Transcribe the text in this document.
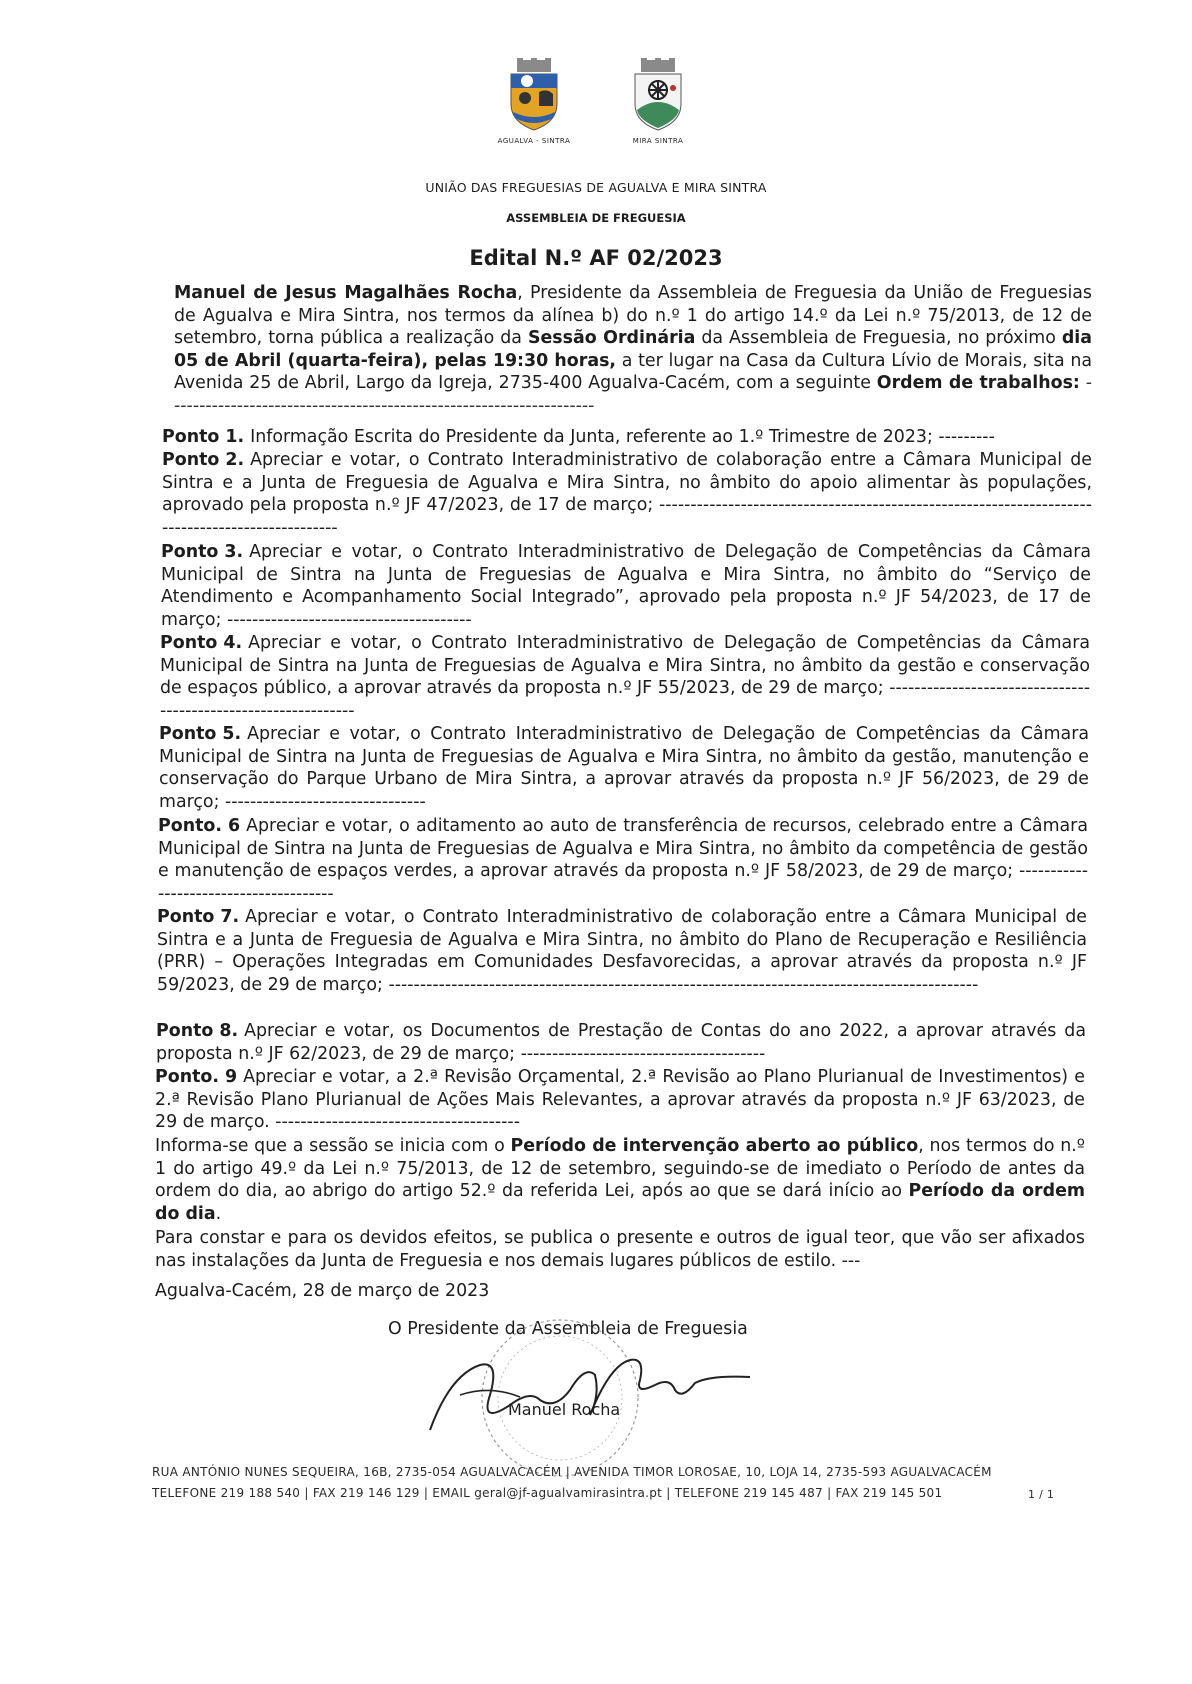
AGUALVA - SINTRA	MIRA SINTRA
UNIÃO DAS FREGUESIAS DE AGUALVA E MIRA SINTRA
ASSEMBLEIA DE FREGUESIA
Edital N.º AF 02/2023
Manuel de Jesus Magalhães Rocha, Presidente da Assembleia de Freguesia da União de Freguesias de Agualva e Mira Sintra, nos termos da alínea b) do n.º 1 do artigo 14.º da Lei n.º 75/2013, de 12 de setembro, torna pública a realização da Sessão Ordinária da Assembleia de Freguesia, no próximo dia 05 de Abril (quarta-feira), pelas 19:30 horas, a ter lugar na Casa da Cultura Lívio de Morais, sita na Avenida 25 de Abril, Largo da Igreja, 2735-400 Agualva-Cacém, com a seguinte Ordem de trabalhos: --------------------------------------------------------------------
Ponto 1. Informação Escrita do Presidente da Junta, referente ao 1.º Trimestre de 2023; ---------
Ponto 2. Apreciar e votar, o Contrato Interadministrativo de colaboração entre a Câmara Municipal de Sintra e a Junta de Freguesia de Agualva e Mira Sintra, no âmbito do apoio alimentar às populações, aprovado pela proposta n.º JF 47/2023, de 17 de março; -------------------------------------------------------------------------------------------------
Ponto 3. Apreciar e votar, o Contrato Interadministrativo de Delegação de Competências da Câmara Municipal de Sintra na Junta de Freguesias de Agualva e Mira Sintra, no âmbito do “Serviço de Atendimento e Acompanhamento Social Integrado”, aprovado pela proposta n.º JF 54/2023, de 17 de março; ---------------------------------------
Ponto 4. Apreciar e votar, o Contrato Interadministrativo de Delegação de Competências da Câmara Municipal de Sintra na Junta de Freguesias de Agualva e Mira Sintra, no âmbito da gestão e conservação de espaços público, a aprovar através da proposta n.º JF 55/2023, de 29 de março; ---------------------------------------------------------------
Ponto 5. Apreciar e votar, o Contrato Interadministrativo de Delegação de Competências da Câmara Municipal de Sintra na Junta de Freguesias de Agualva e Mira Sintra, no âmbito da gestão, manutenção e conservação do Parque Urbano de Mira Sintra, a aprovar através da proposta n.º JF 56/2023, de 29 de março; --------------------------------
Ponto. 6 Apreciar e votar, o aditamento ao auto de transferência de recursos, celebrado entre a Câmara Municipal de Sintra na Junta de Freguesias de Agualva e Mira Sintra, no âmbito da competência de gestão e manutenção de espaços verdes, a aprovar através da proposta n.º JF 58/2023, de 29 de março; ---------------------------------------
Ponto 7. Apreciar e votar, o Contrato Interadministrativo de colaboração entre a Câmara Municipal de Sintra e a Junta de Freguesia de Agualva e Mira Sintra, no âmbito do Plano de Recuperação e Resiliência (PRR) – Operações Integradas em Comunidades Desfavorecidas, a aprovar através da proposta n.º JF 59/2023, de 29 de março; ----------------------------------------------------------------------------------------------
Ponto 8. Apreciar e votar, os Documentos de Prestação de Contas do ano 2022, a aprovar através da proposta n.º JF 62/2023, de 29 de março; ---------------------------------------
Ponto. 9 Apreciar e votar, a 2.ª Revisão Orçamental, 2.ª Revisão ao Plano Plurianual de Investimentos) e 2.ª Revisão Plano Plurianual de Ações Mais Relevantes, a aprovar através da proposta n.º JF 63/2023, de 29 de março. ---------------------------------------
Informa-se que a sessão se inicia com o Período de intervenção aberto ao público, nos termos do n.º 1 do artigo 49.º da Lei n.º 75/2013, de 12 de setembro, seguindo-se de imediato o Período de antes da ordem do dia, ao abrigo do artigo 52.º da referida Lei, após ao que se dará início ao Período da ordem do dia.
Para constar e para os devidos efeitos, se publica o presente e outros de igual teor, que vão ser afixados nas instalações da Junta de Freguesia e nos demais lugares públicos de estilo. ---
Agualva-Cacém, 28 de março de 2023
O Presidente da Assembleia de Freguesia
Manuel Rocha
RUA ANTÓNIO NUNES SEQUEIRA, 16B, 2735-054 AGUALVACACÉM | AVENIDA TIMOR LOROSAE, 10, LOJA 14, 2735-593 AGUALVACACÉM
TELEFONE 219 188 540 | FAX 219 146 129 | EMAIL geral@jf-agualvamirasintra.pt | TELEFONE 219 145 487 | FAX 219 145 501	1 / 1
